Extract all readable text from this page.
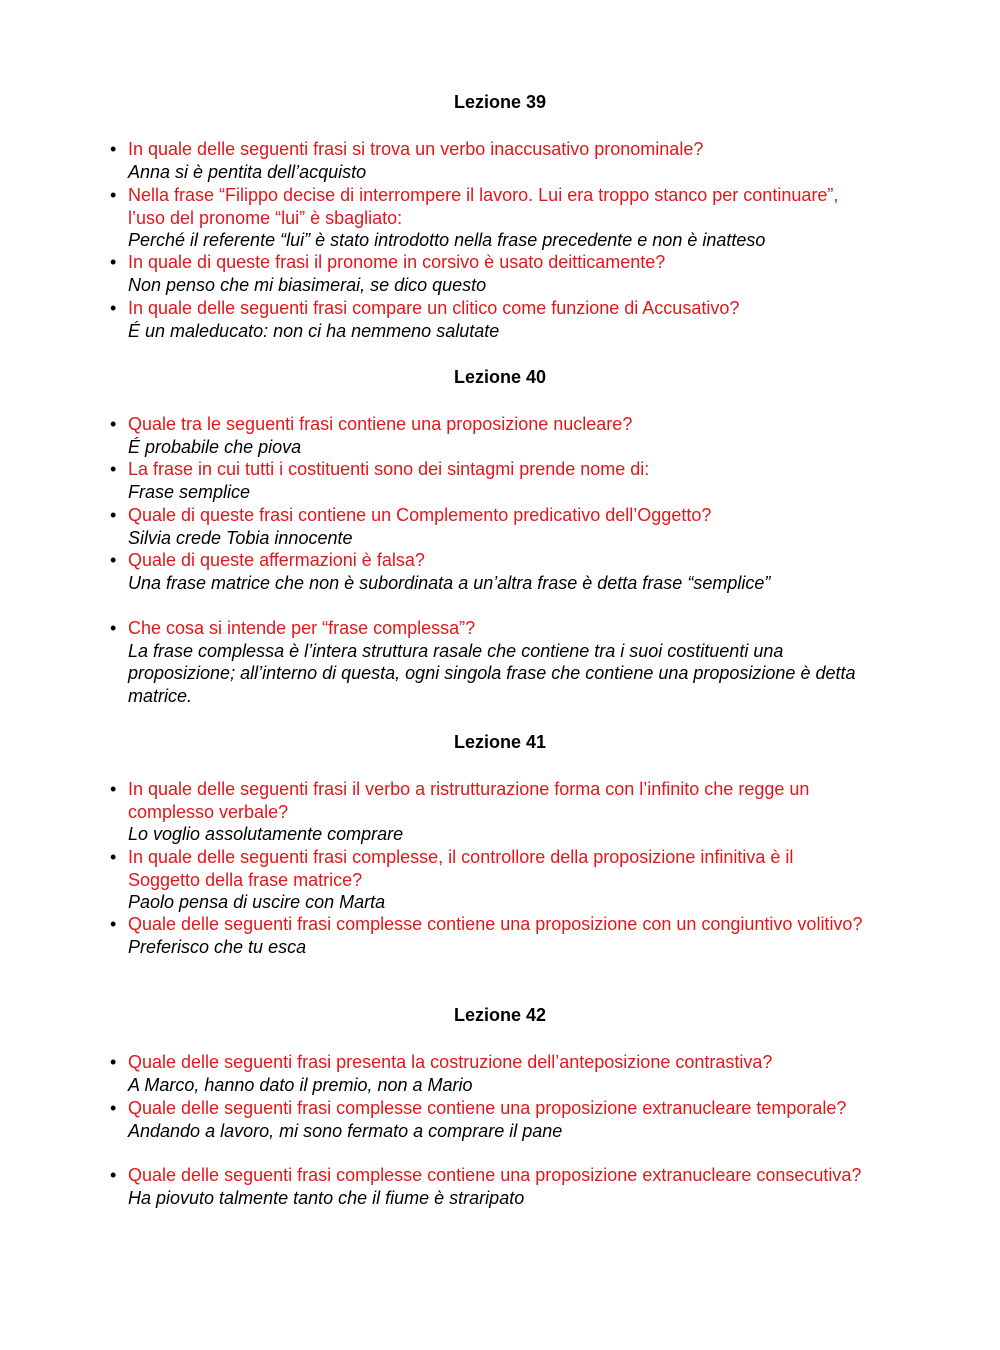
Lezione 39
• In quale delle seguenti frasi si trova un verbo inaccusativo pronominale?
Anna si è pentita dell’acquisto
• Nella frase “Filippo decise di interrompere il lavoro. Lui era troppo stanco per continuare”, l’uso del pronome “lui” è sbagliato:
Perché il referente “lui” è stato introdotto nella frase precedente e non è inatteso
• In quale di queste frasi il pronome in corsivo è usato deitticamente?
Non penso che mi biasimerai, se dico questo
• In quale delle seguenti frasi compare un clitico come funzione di Accusativo?
É un maleducato: non ci ha nemmeno salutate
Lezione 40
• Quale tra le seguenti frasi contiene una proposizione nucleare?
É probabile che piova
• La frase in cui tutti i costituenti sono dei sintagmi prende nome di:
Frase semplice
• Quale di queste frasi contiene un Complemento predicativo dell’Oggetto?
Silvia crede Tobia innocente
• Quale di queste affermazioni è falsa?
Una frase matrice che non è subordinata a un’altra frase è detta frase “semplice”
• Che cosa si intende per “frase complessa”?
La frase complessa è l’intera struttura rasale che contiene tra i suoi costituenti una proposizione; all’interno di questa, ogni singola frase che contiene una proposizione è detta matrice.
Lezione 41
• In quale delle seguenti frasi il verbo a ristrutturazione forma con l’infinito che regge un complesso verbale?
Lo voglio assolutamente comprare
• In quale delle seguenti frasi complesse, il controllore della proposizione infinitiva è il Soggetto della frase matrice?
Paolo pensa di uscire con Marta
• Quale delle seguenti frasi complesse contiene una proposizione con un congiuntivo volitivo?
Preferisco che tu esca
Lezione 42
• Quale delle seguenti frasi presenta la costruzione dell’anteposizione contrastiva?
A Marco, hanno dato il premio, non a Mario
• Quale delle seguenti frasi complesse contiene una proposizione extranucleare temporale?
Andando a lavoro, mi sono fermato a comprare il pane
• Quale delle seguenti frasi complesse contiene una proposizione extranucleare consecutiva?
Ha piovuto talmente tanto che il fiume è straripato
